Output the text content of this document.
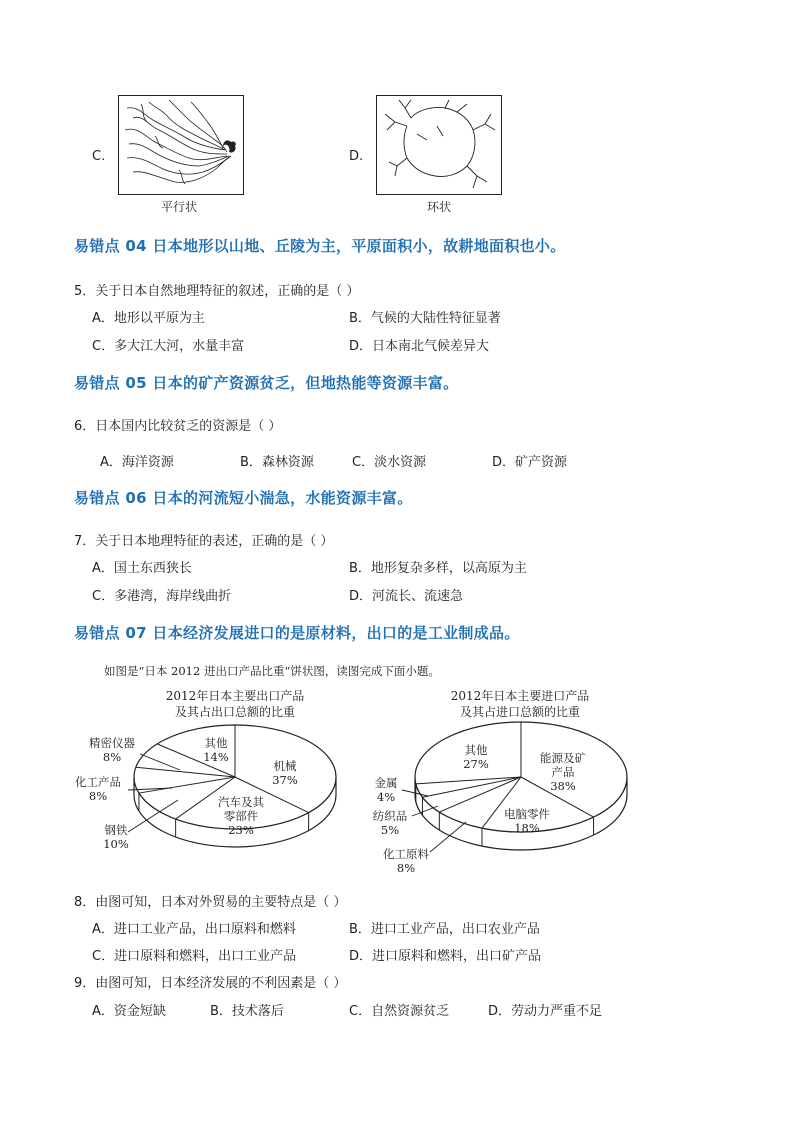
C.
平行状
D.
环状
易错点 04 日本地形以山地、丘陵为主，平原面积小，故耕地面积也小。
5．关于日本自然地理特征的叙述，正确的是（ ）
A．地形以平原为主	B．气候的大陆性特征显著
C．多大江大河，水量丰富	D．日本南北气候差异大
易错点 05 日本的矿产资源贫乏，但地热能等资源丰富。
6．日本国内比较贫乏的资源是（ ）
A．海洋资源	B．森林资源	C．淡水资源	D．矿产资源
易错点 06 日本的河流短小湍急，水能资源丰富。
7．关于日本地理特征的表述，正确的是（ ）
A．国土东西狭长	B．地形复杂多样，以高原为主
C．多港湾，海岸线曲折	D．河流长、流速急
易错点 07 日本经济发展进口的是原材料，出口的是工业制成品。
如图是“日本 2012 进出口产品比重”饼状图，读图完成下面小题。
2012年日本主要出口产品
及其占出口总额的比重
2012年日本主要进口产品
及其占进口总额的比重
机械
37%
汽车及其
零部件
23%
钢铁
10%
化工产品
8%
精密仪器
8%
其他
14%	能源及矿
产品
38%
电脑零件
18%
化工原料
8%
纺织品
5%
金属
4%
其他
27%
8．由图可知，日本对外贸易的主要特点是（ ）
A．进口工业产品，出口原料和燃料	B．进口工业产品，出口农业产品
C．进口原料和燃料，出口工业产品	D．进口原料和燃料，出口矿产品
9．由图可知，日本经济发展的不利因素是（ ）
A．资金短缺	B．技术落后	C．自然资源贫乏	D．劳动力严重不足
